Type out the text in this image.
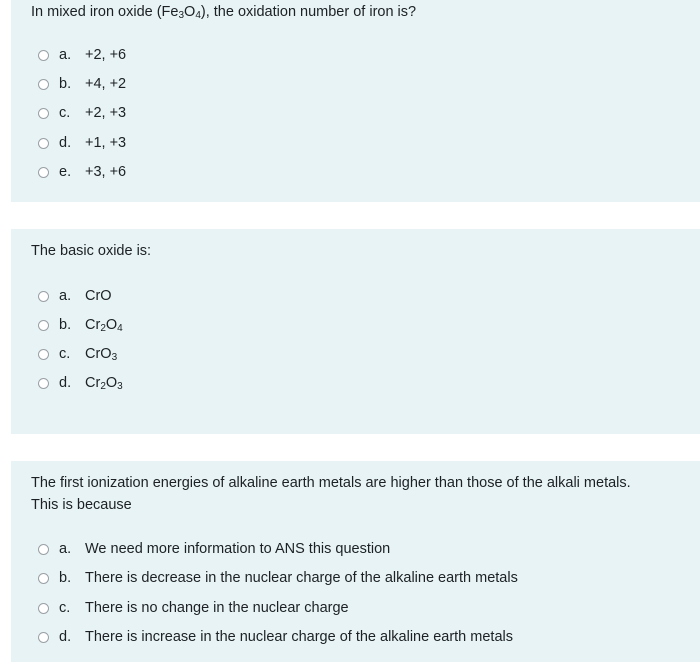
In mixed iron oxide $(Fe_3O_4)$, the oxidation number of iron is?
a. +2, +6
b. +4, +2
c.	+2, +3
d. +1, +3
e. +3, +6
The basic oxide is:
a. CrO
b. $Cr_2O_4$
c.	CrO$_3$
d. $Cr_2O_3$
The first ionization energies of alkaline earth metals are higher than those of the alkali metals.
This is because
a. We need more information to ANS this question
b. There is decrease in the nuclear charge of the alkaline earth metals
c.	There is no change in the nuclear charge
d. There is increase in the nuclear charge of the alkaline earth metals
